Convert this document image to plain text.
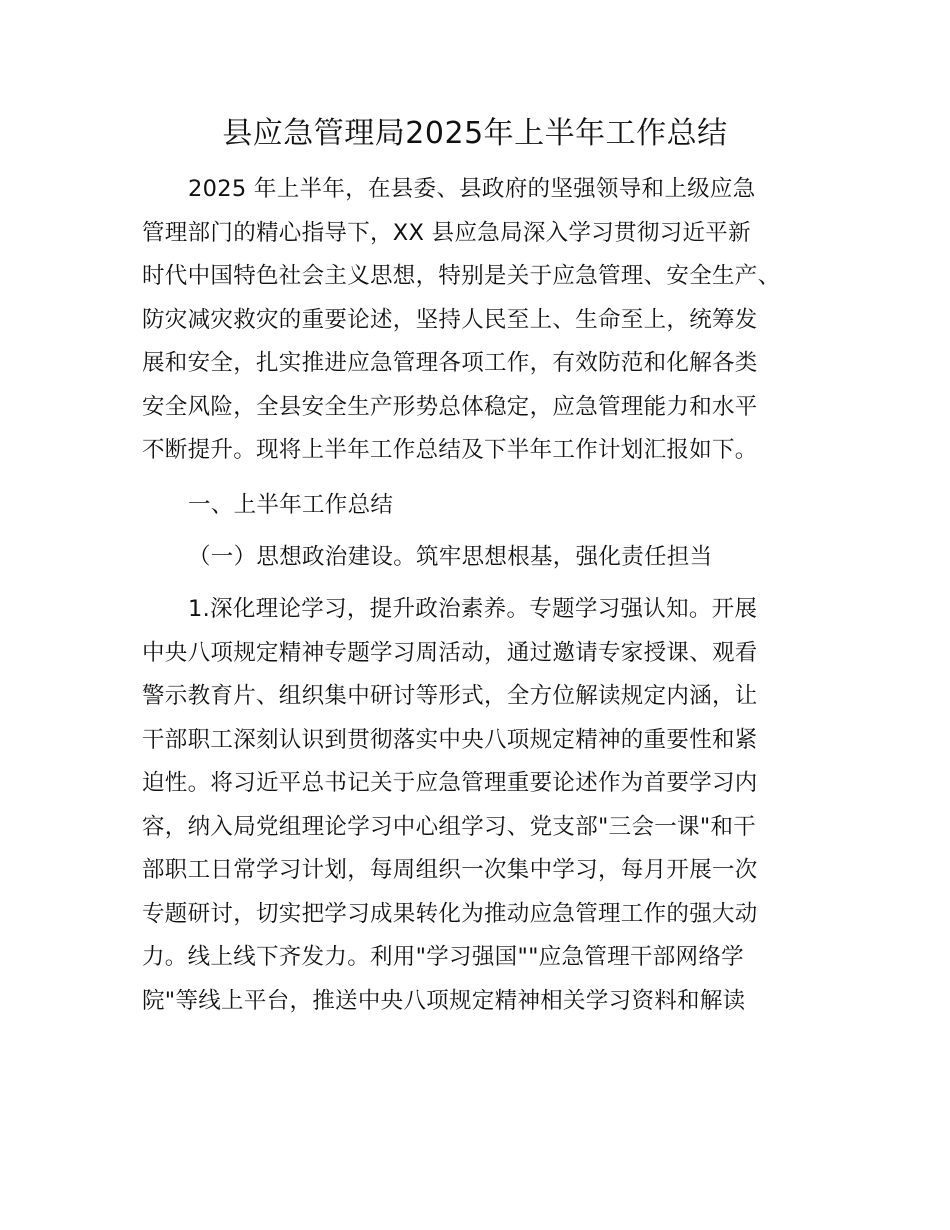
县应急管理局2025年上半年工作总结
2025 年上半年，在县委、县政府的坚强领导和上级应急
管理部门的精心指导下，XX 县应急局深入学习贯彻习近平新
时代中国特色社会主义思想，特别是关于应急管理、安全生产、
防灾减灾救灾的重要论述，坚持人民至上、生命至上，统筹发
展和安全，扎实推进应急管理各项工作，有效防范和化解各类
安全风险，全县安全生产形势总体稳定，应急管理能力和水平
不断提升。现将上半年工作总结及下半年工作计划汇报如下。
一、上半年工作总结
（一）思想政治建设。筑牢思想根基，强化责任担当
1.深化理论学习，提升政治素养。专题学习强认知。开展
中央八项规定精神专题学习周活动，通过邀请专家授课、观看
警示教育片、组织集中研讨等形式，全方位解读规定内涵，让
干部职工深刻认识到贯彻落实中央八项规定精神的重要性和紧
迫性。将习近平总书记关于应急管理重要论述作为首要学习内
容，纳入局党组理论学习中心组学习、党支部"三会一课"和干
部职工日常学习计划，每周组织一次集中学习，每月开展一次
专题研讨，切实把学习成果转化为推动应急管理工作的强大动
力。线上线下齐发力。利用"学习强国""应急管理干部网络学
院"等线上平台，推送中央八项规定精神相关学习资料和解读
